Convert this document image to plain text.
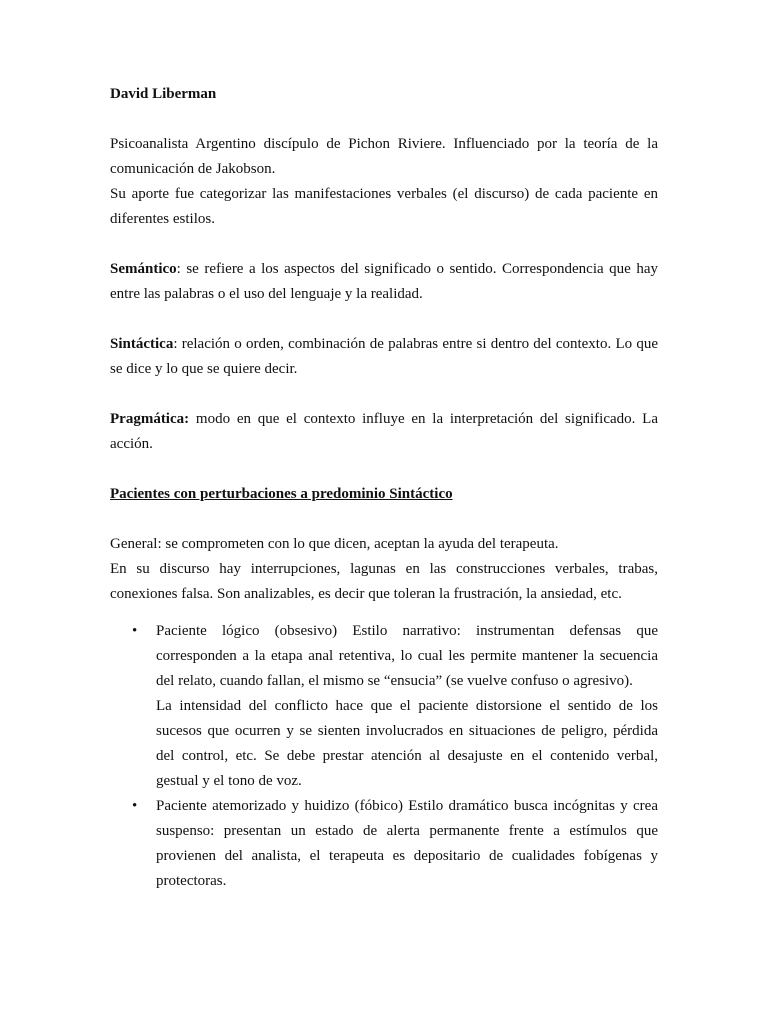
David Liberman

Psicoanalista Argentino discípulo de Pichon Riviere. Influenciado por la teoría de la comunicación de Jakobson.

Su aporte fue categorizar las manifestaciones verbales (el discurso) de cada paciente en diferentes estilos.

Semántico: se refiere a los aspectos del significado o sentido. Correspondencia que hay entre las palabras o el uso del lenguaje y la realidad.

Sintáctica: relación o orden, combinación de palabras entre si dentro del contexto. Lo que se dice y lo que se quiere decir.

Pragmática: modo en que el contexto influye en la interpretación del significado. La acción.

Pacientes con perturbaciones a predominio Sintáctico

General: se comprometen con lo que dicen, aceptan la ayuda del terapeuta.

En su discurso hay interrupciones, lagunas en las construcciones verbales, trabas, conexiones falsa. Son analizables, es decir que toleran la frustración, la ansiedad, etc.

• Paciente lógico (obsesivo) Estilo narrativo: instrumentan defensas que corresponden a la etapa anal retentiva, lo cual les permite mantener la secuencia del relato, cuando fallan, el mismo se “ensucia” (se vuelve confuso o agresivo).

La intensidad del conflicto hace que el paciente distorsione el sentido de los sucesos que ocurren y se sienten involucrados en situaciones de peligro, pérdida del control, etc. Se debe prestar atención al desajuste en el contenido verbal, gestual y el tono de voz.

• Paciente atemorizado y huidizo (fóbico) Estilo dramático busca incógnitas y crea suspenso: presentan un estado de alerta permanente frente a estímulos que provienen del analista, el terapeuta es depositario de cualidades fobígenas y protectoras.
